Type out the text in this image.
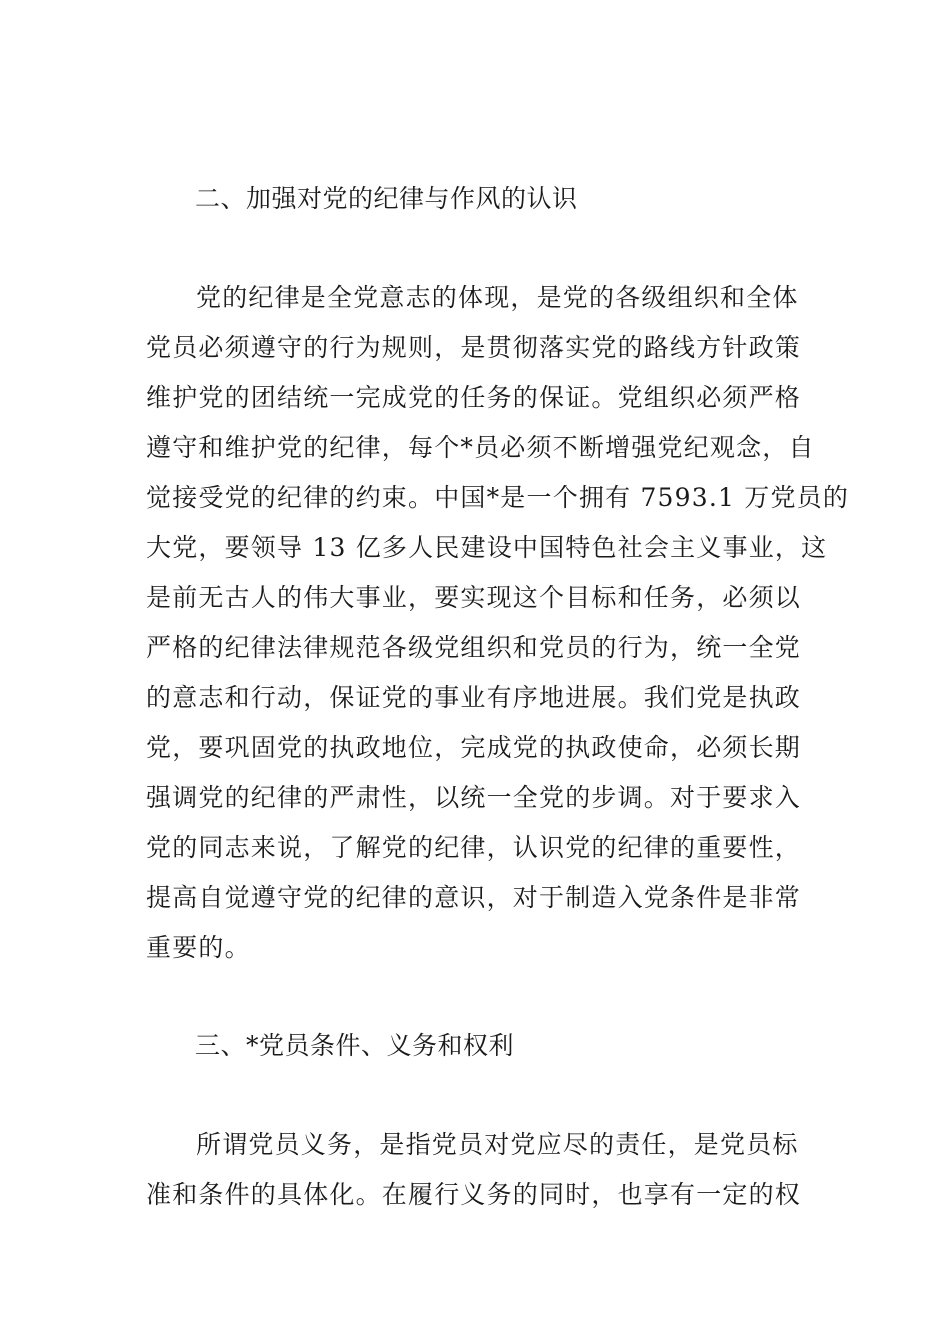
二、加强对党的纪律与作风的认识
党的纪律是全党意志的体现，是党的各级组织和全体
党员必须遵守的行为规则，是贯彻落实党的路线方针政策
维护党的团结统一完成党的任务的保证。党组织必须严格
遵守和维护党的纪律，每个*员必须不断增强党纪观念，自
觉接受党的纪律的约束。中国*是一个拥有 7593.1 万党员的
大党，要领导 13 亿多人民建设中国特色社会主义事业，这
是前无古人的伟大事业，要实现这个目标和任务，必须以
严格的纪律法律规范各级党组织和党员的行为，统一全党
的意志和行动，保证党的事业有序地进展。我们党是执政
党，要巩固党的执政地位，完成党的执政使命，必须长期
强调党的纪律的严肃性，以统一全党的步调。对于要求入
党的同志来说，了解党的纪律，认识党的纪律的重要性，
提高自觉遵守党的纪律的意识，对于制造入党条件是非常
重要的。
三、*党员条件、义务和权利
所谓党员义务，是指党员对党应尽的责任，是党员标
准和条件的具体化。在履行义务的同时，也享有一定的权
